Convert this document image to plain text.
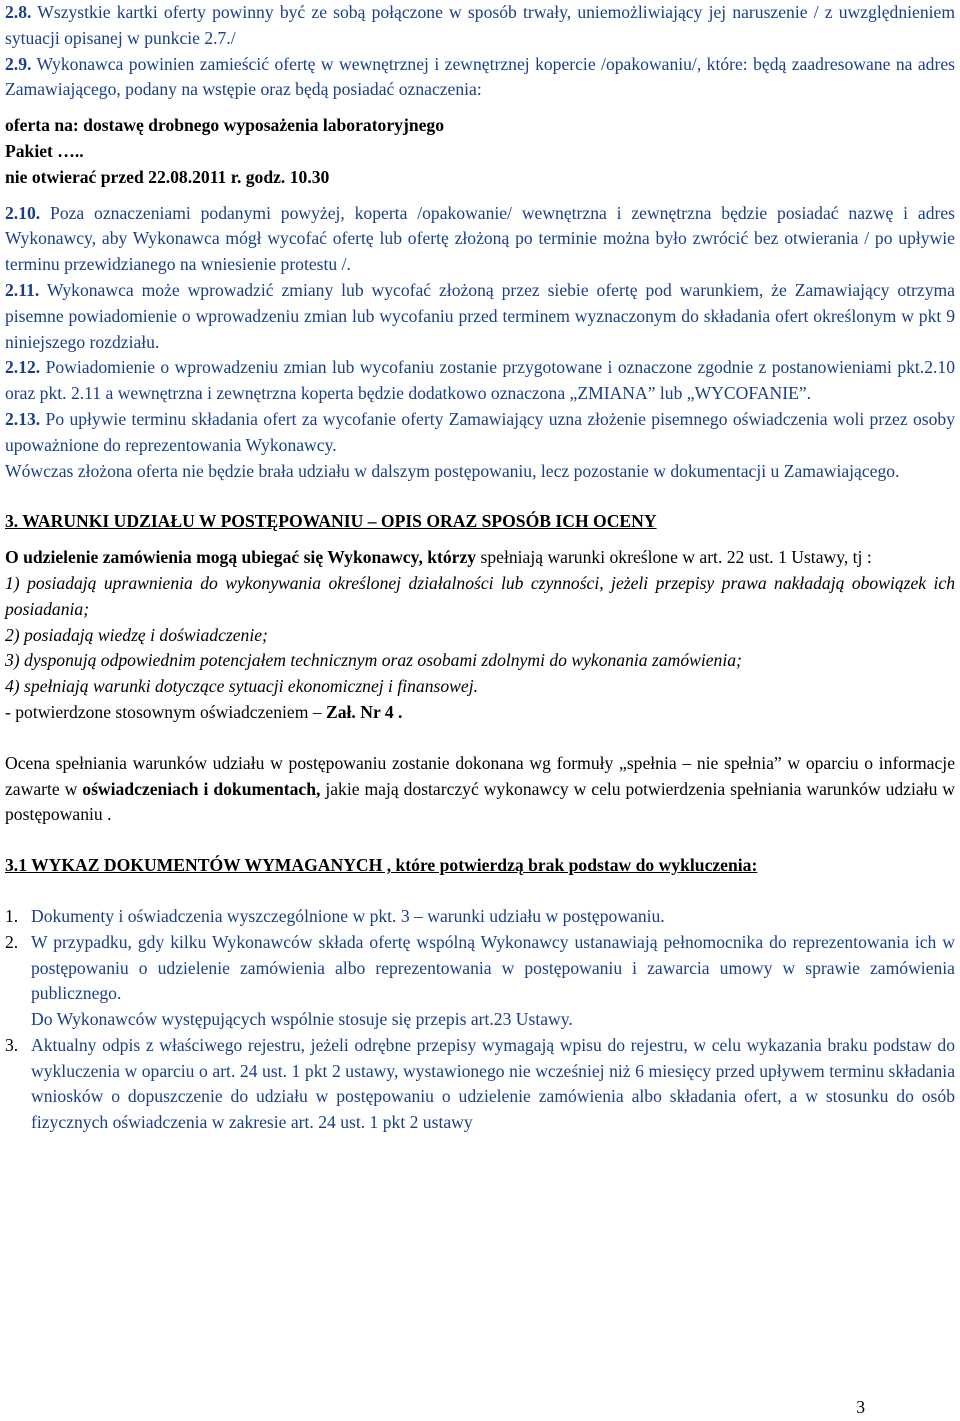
2.8. Wszystkie kartki oferty powinny być ze sobą połączone w sposób trwały, uniemożliwiający jej naruszenie / z uwzględnieniem sytuacji opisanej w punkcie 2.7./

2.9. Wykonawca powinien zamieścić ofertę w wewnętrznej i zewnętrznej kopercie /opakowaniu/, które: będą zaadresowane na adres Zamawiającego, podany na wstępie oraz będą posiadać oznaczenia:

oferta na: dostawę drobnego wyposażenia laboratoryjnego

Pakiet …..

nie otwierać przed 22.08.2011 r. godz. 10.30

2.10. Poza oznaczeniami podanymi powyżej, koperta /opakowanie/ wewnętrzna i zewnętrzna będzie posiadać nazwę i adres Wykonawcy, aby Wykonawca mógł wycofać ofertę lub ofertę złożoną po terminie można było zwrócić bez otwierania / po upływie terminu przewidzianego na wniesienie protestu /.

2.11. Wykonawca może wprowadzić zmiany lub wycofać złożoną przez siebie ofertę pod warunkiem, że Zamawiający otrzyma pisemne powiadomienie o wprowadzeniu zmian lub wycofaniu przed terminem wyznaczonym do składania ofert określonym w pkt 9 niniejszego rozdziału.

2.12. Powiadomienie o wprowadzeniu zmian lub wycofaniu zostanie przygotowane i oznaczone zgodnie z postanowieniami pkt.2.10 oraz pkt. 2.11 a wewnętrzna i zewnętrzna koperta będzie dodatkowo oznaczona „ZMIANA” lub „WYCOFANIE”.

2.13. Po upływie terminu składania ofert za wycofanie oferty Zamawiający uzna złożenie pisemnego oświadczenia woli przez osoby upoważnione do reprezentowania Wykonawcy.

Wówczas złożona oferta nie będzie brała udziału w dalszym postępowaniu, lecz pozostanie w dokumentacji u Zamawiającego.

3. WARUNKI UDZIAŁU W POSTĘPOWANIU – OPIS ORAZ SPOSÓB ICH OCENY

O udzielenie zamówienia mogą ubiegać się Wykonawcy, którzy spełniają warunki określone w art. 22 ust. 1 Ustawy, tj :

1) posiadają uprawnienia do wykonywania określonej działalności lub czynności, jeżeli przepisy prawa nakładają obowiązek ich posiadania;

2) posiadają wiedzę i doświadczenie;

3) dysponują odpowiednim potencjałem technicznym oraz osobami zdolnymi do wykonania zamówienia;

4) spełniają warunki dotyczące sytuacji ekonomicznej i finansowej.

- potwierdzone stosownym oświadczeniem – Zał. Nr 4 .

Ocena spełniania warunków udziału w postępowaniu zostanie dokonana wg formuły „spełnia – nie spełnia” w oparciu o informacje zawarte w oświadczeniach i dokumentach, jakie mają dostarczyć wykonawcy w celu potwierdzenia spełniania warunków udziału w postępowaniu .

3.1 WYKAZ DOKUMENTÓW WYMAGANYCH , które potwierdzą brak podstaw do wykluczenia:

1. Dokumenty i oświadczenia wyszczególnione w pkt. 3 – warunki udziału w postępowaniu.
2. W przypadku, gdy kilku Wykonawców składa ofertę wspólną Wykonawcy ustanawiają pełnomocnika do reprezentowania ich w postępowaniu o udzielenie zamówienia albo reprezentowania w postępowaniu i zawarcia umowy w sprawie zamówienia publicznego.
Do Wykonawców występujących wspólnie stosuje się przepis art.23 Ustawy.
3. Aktualny odpis z właściwego rejestru, jeżeli odrębne przepisy wymagają wpisu do rejestru, w celu wykazania braku podstaw do wykluczenia w oparciu o art. 24 ust. 1 pkt 2 ustawy, wystawionego nie wcześniej niż 6 miesięcy przed upływem terminu składania wniosków o dopuszczenie do udziału w postępowaniu o udzielenie zamówienia albo składania ofert, a w stosunku do osób fizycznych oświadczenia w zakresie art. 24 ust. 1 pkt 2 ustawy
3
